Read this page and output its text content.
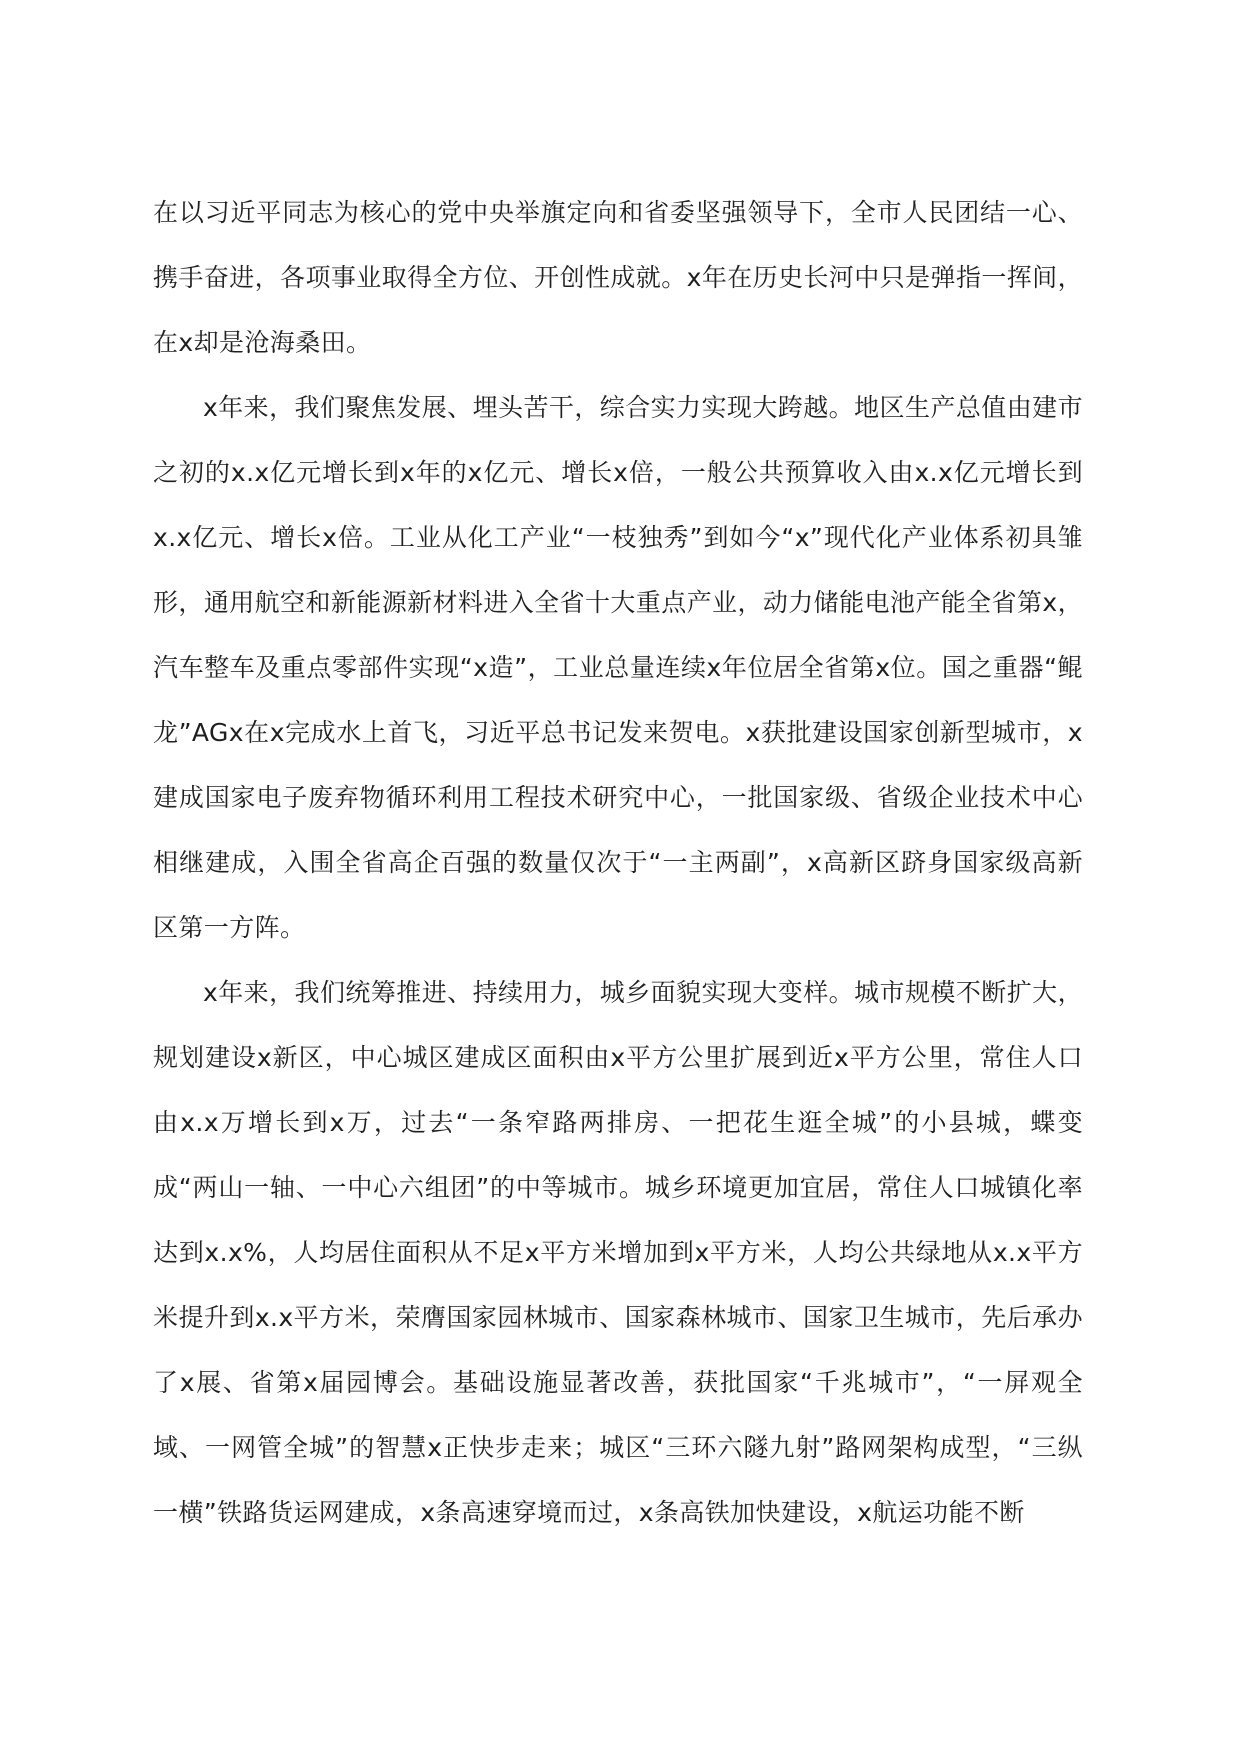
在以习近平同志为核心的党中央举旗定向和省委坚强领导下，全市人民团结一心、携手奋进，各项事业取得全方位、开创性成就。x年在历史长河中只是弹指一挥间，在x却是沧海桑田。

x年来，我们聚焦发展、埋头苦干，综合实力实现大跨越。地区生产总值由建市之初的x.x亿元增长到x年的x亿元、增长x倍，一般公共预算收入由x.x亿元增长到x.x亿元、增长x倍。工业从化工产业“一枝独秀”到如今“x”现代化产业体系初具雏形，通用航空和新能源新材料进入全省十大重点产业，动力储能电池产能全省第x，汽车整车及重点零部件实现“x造”，工业总量连续x年位居全省第x位。国之重器“鲲龙”AGx在x完成水上首飞，习近平总书记发来贺电。x获批建设国家创新型城市，x建成国家电子废弃物循环利用工程技术研究中心，一批国家级、省级企业技术中心相继建成，入围全省高企百强的数量仅次于“一主两副”，x高新区跻身国家级高新区第一方阵。

x年来，我们统筹推进、持续用力，城乡面貌实现大变样。城市规模不断扩大，规划建设x新区，中心城区建成区面积由x平方公里扩展到近x平方公里，常住人口由x.x万增长到x万，过去“一条窄路两排房、一把花生逛全城”的小县城，蝶变成“两山一轴、一中心六组团”的中等城市。城乡环境更加宜居，常住人口城镇化率达到x.x%，人均居住面积从不足x平方米增加到x平方米，人均公共绿地从x.x平方米提升到x.x平方米，荣膺国家园林城市、国家森林城市、国家卫生城市，先后承办了x展、省第x届园博会。基础设施显著改善，获批国家“千兆城市”，“一屏观全域、一网管全城”的智慧x正快步走来；城区“三环六隧九射”路网架构成型，“三纵一横”铁路货运网建成，x条高速穿境而过，x条高铁加快建设，x航运功能不断
